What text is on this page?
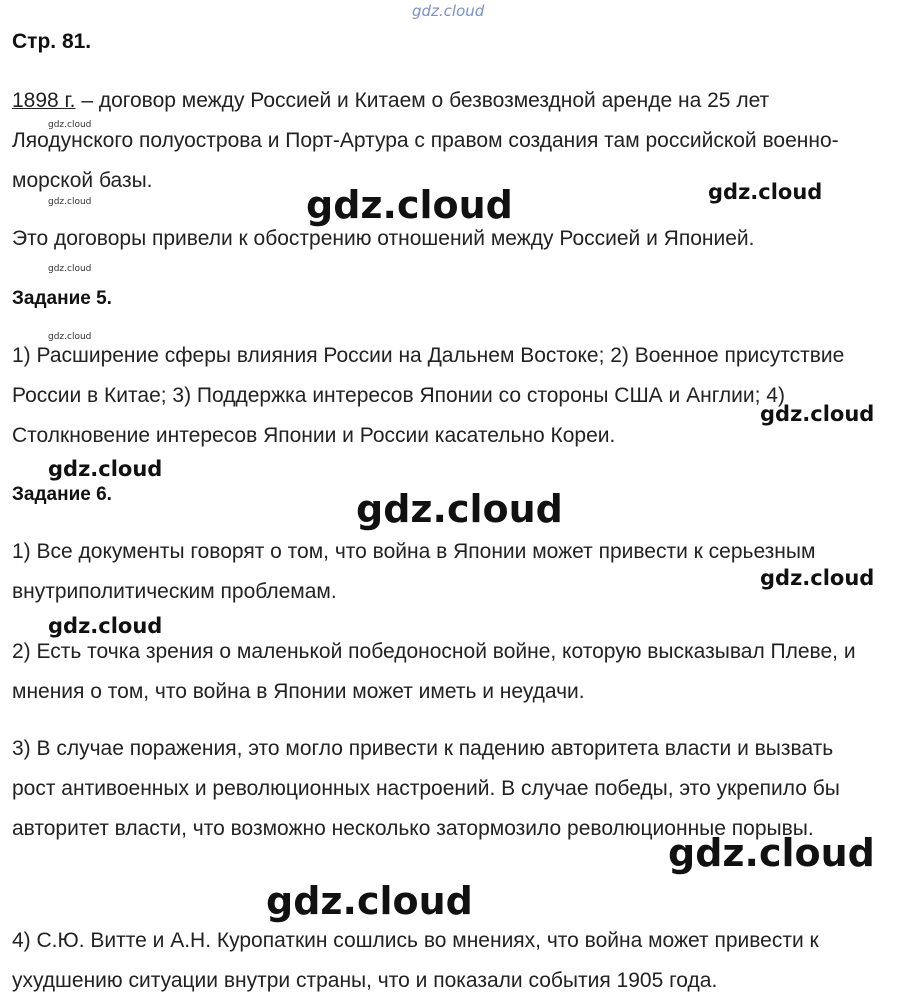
gdz.cloud
Стр. 81.
1898 г. – договор между Россией и Китаем о безвозмездной аренде на 25 лет Ляодунского полуострова и Порт-Артура с правом создания там российской военно-морской базы.
Это договоры привели к обострению отношений между Россией и Японией.
Задание 5.
1) Расширение сферы влияния России на Дальнем Востоке; 2) Военное присутствие России в Китае; 3) Поддержка интересов Японии со стороны США и Англии; 4) Столкновение интересов Японии и России касательно Кореи.
Задание 6.
1) Все документы говорят о том, что война в Японии может привести к серьезным внутриполитическим проблемам.
2) Есть точка зрения о маленькой победоносной войне, которую высказывал Плеве, и мнения о том, что война в Японии может иметь и неудачи.
3) В случае поражения, это могло привести к падению авторитета власти и вызвать рост антивоенных и революционных настроений. В случае победы, это укрепило бы авторитет власти, что возможно несколько затормозило революционные порывы.
4) С.Ю. Витте и А.Н. Куропаткин сошлись во мнениях, что война может привести к ухудшению ситуации внутри страны, что и показали события 1905 года.
gdz.cloud
gdz.cloud
gdz.cloud
gdz.cloud
gdz.cloud
gdz.cloud
gdz.cloud
gdz.cloud
gdz.cloud
gdz.cloud
gdz.cloud
gdz.cloud
gdz.cloud
